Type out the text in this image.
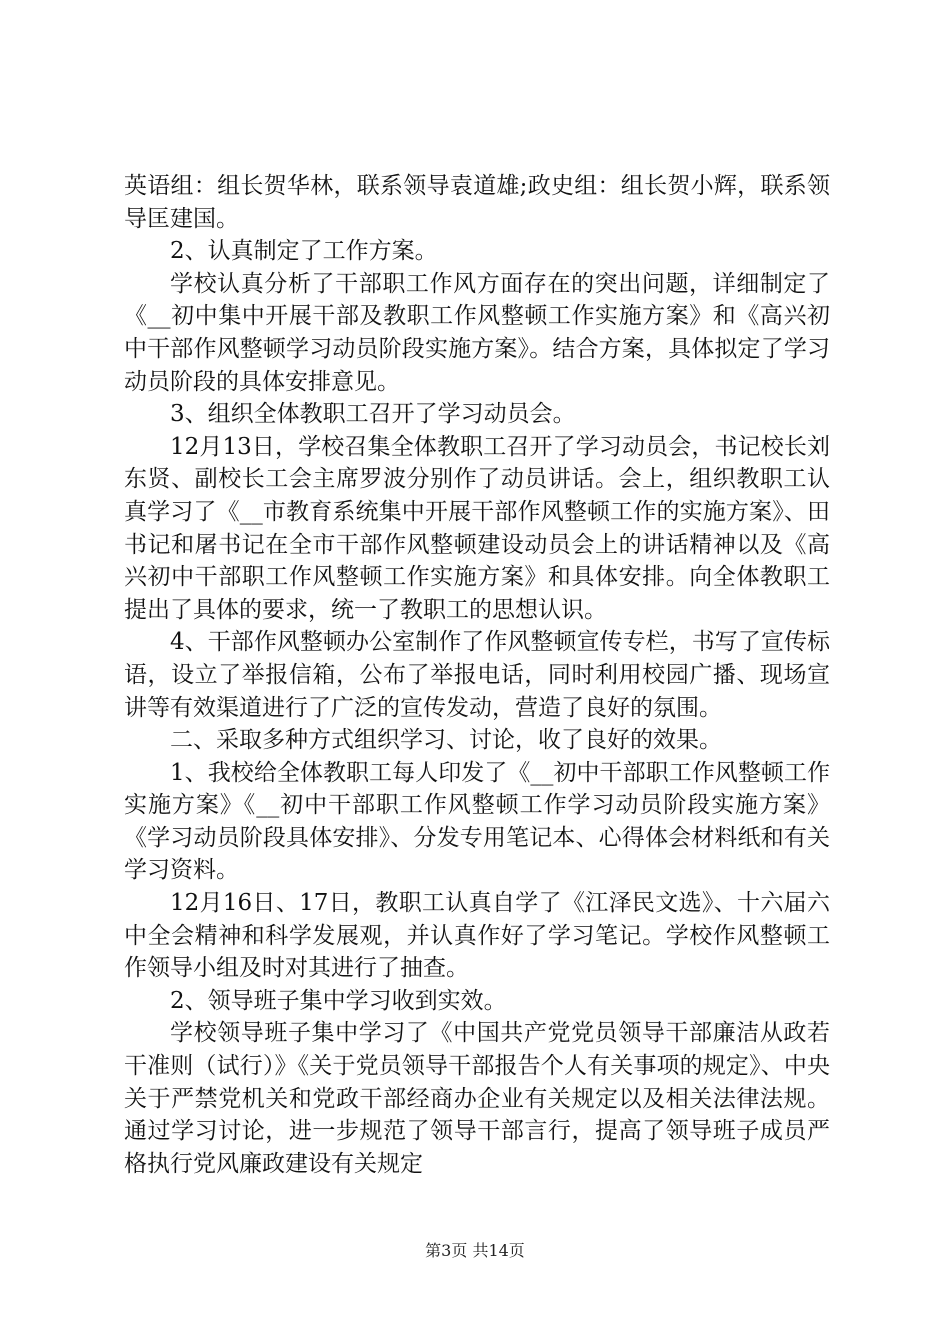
英语组：组长贺华林，联系领导袁道雄;政史组：组长贺小辉，联系领导匡建国。

2、认真制定了工作方案。

学校认真分析了干部职工作风方面存在的突出问题，详细制定了《__初中集中开展干部及教职工作风整顿工作实施方案》和《高兴初中干部作风整顿学习动员阶段实施方案》。结合方案，具体拟定了学习动员阶段的具体安排意见。

3、组织全体教职工召开了学习动员会。

12月13日，学校召集全体教职工召开了学习动员会，书记校长刘东贤、副校长工会主席罗波分别作了动员讲话。会上，组织教职工认真学习了《__市教育系统集中开展干部作风整顿工作的实施方案》、田书记和屠书记在全市干部作风整顿建设动员会上的讲话精神以及《高兴初中干部职工作风整顿工作实施方案》和具体安排。向全体教职工提出了具体的要求，统一了教职工的思想认识。

4、干部作风整顿办公室制作了作风整顿宣传专栏，书写了宣传标语，设立了举报信箱，公布了举报电话，同时利用校园广播、现场宣讲等有效渠道进行了广泛的宣传发动，营造了良好的氛围。

二、采取多种方式组织学习、讨论，收了良好的效果。

1、我校给全体教职工每人印发了《__初中干部职工作风整顿工作实施方案》《__初中干部职工作风整顿工作学习动员阶段实施方案》《学习动员阶段具体安排》、分发专用笔记本、心得体会材料纸和有关学习资料。

12月16日、17日，教职工认真自学了《江泽民文选》、十六届六中全会精神和科学发展观，并认真作好了学习笔记。学校作风整顿工作领导小组及时对其进行了抽查。

2、领导班子集中学习收到实效。

学校领导班子集中学习了《中国共产党党员领导干部廉洁从政若干准则（试行）》《关于党员领导干部报告个人有关事项的规定》、中央关于严禁党机关和党政干部经商办企业有关规定以及相关法律法规。通过学习讨论，进一步规范了领导干部言行，提高了领导班子成员严格执行党风廉政建设有关规定

第3页 共14页
